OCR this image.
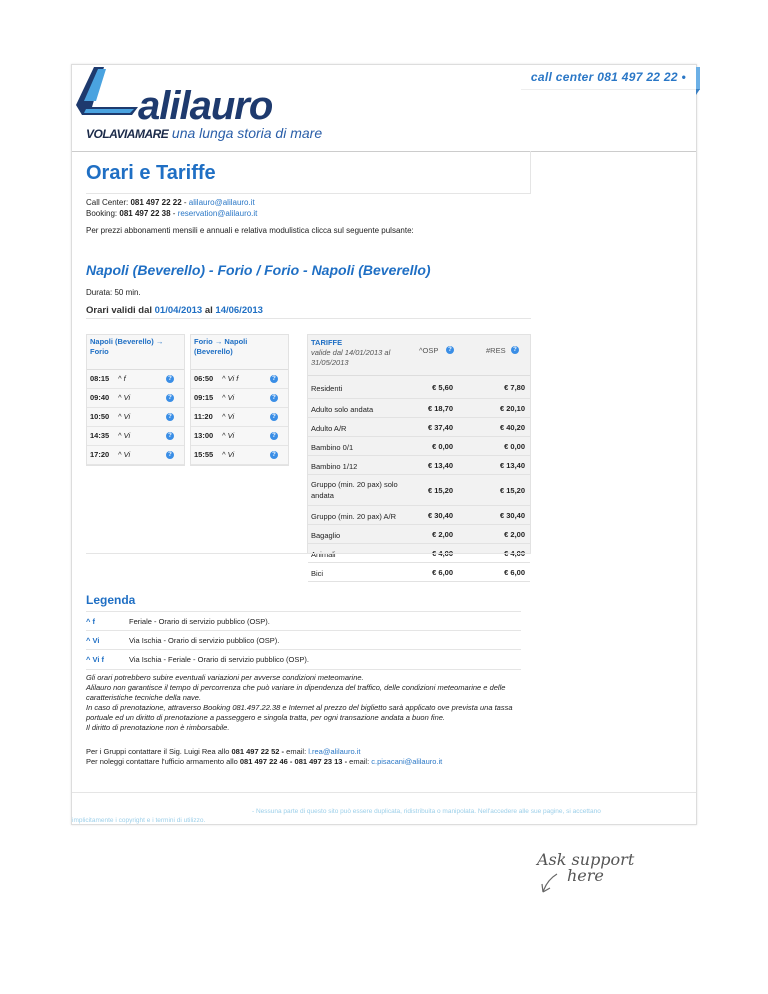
alilauro
VOLAVIAMARE una lunga storia di mare
call center 081 497 22 22 •
Orari e Tariffe
Call Center: 081 497 22 22 - alilauro@alilauro.it
Booking: 081 497 22 38 - reservation@alilauro.it
Per prezzi abbonamenti mensili e annuali e relativa modulistica clicca sul seguente pulsante:
Napoli (Beverello) - Forio / Forio - Napoli (Beverello)
Durata: 50 min.
Orari validi dal 01/04/2013 al 14/06/2013
Napoli (Beverello) → Forio
08:15 ^ f	?
09:40 ^ Vi	?
10:50 ^ Vi	?
14:35 ^ Vi	?
17:20 ^ Vi	?
Forio → Napoli (Beverello)
06:50 ^ Vi f	?
09:15 ^ Vi	?
11:20 ^ Vi	?
13:00 ^ Vi	?
15:55 ^ Vi	?
TARIFFE
valide dal 14/01/2013 al 31/05/2013
^OSP	?	#RES	?
Residenti	€ 5,60	€ 7,80
Adulto solo andata	€ 18,70	€ 20,10
Adulto A/R	€ 37,40	€ 40,20
Bambino 0/1	€ 0,00	€ 0,00
Bambino 1/12	€ 13,40	€ 13,40
Gruppo (min. 20 pax) solo andata
€ 15,20	€ 15,20
Gruppo (min. 20 pax) A/R	€ 30,40	€ 30,40
Bagaglio	€ 2,00	€ 2,00
Animali	€ 4,00	€ 4,00
Bici	€ 6,00	€ 6,00
Legenda
^ f	Feriale - Orario di servizio pubblico (OSP).
^ Vi	Via Ischia - Orario di servizio pubblico (OSP).
^ Vi f	Via Ischia - Feriale - Orario di servizio pubblico (OSP).
Gli orari potrebbero subire eventuali variazioni per avverse condizioni meteomarine.
Alilauro non garantisce il tempo di percorrenza che può variare in dipendenza del traffico, delle condizioni meteomarine e delle caratteristiche tecniche della nave.
In caso di prenotazione, attraverso Booking 081.497.22.38 e Internet al prezzo del biglietto sarà applicato ove prevista una tassa portuale ed un diritto di prenotazione a passeggero e singola tratta, per ogni transazione andata a buon fine.
Il diritto di prenotazione non è rimborsabile.
Per i Gruppi contattare il Sig. Luigi Rea allo 081 497 22 52 - email: l.rea@alilauro.it
Per noleggi contattare l'ufficio armamento allo 081 497 22 46 - 081 497 23 13 - email: c.pisacani@alilauro.it
- Nessuna parte di questo sito può essere duplicata, ridistribuita o manipolata. Nell'accedere alle sue pagine, si accettano
implicitamente i copyright e i termini di utilizzo.
Ask support
here
